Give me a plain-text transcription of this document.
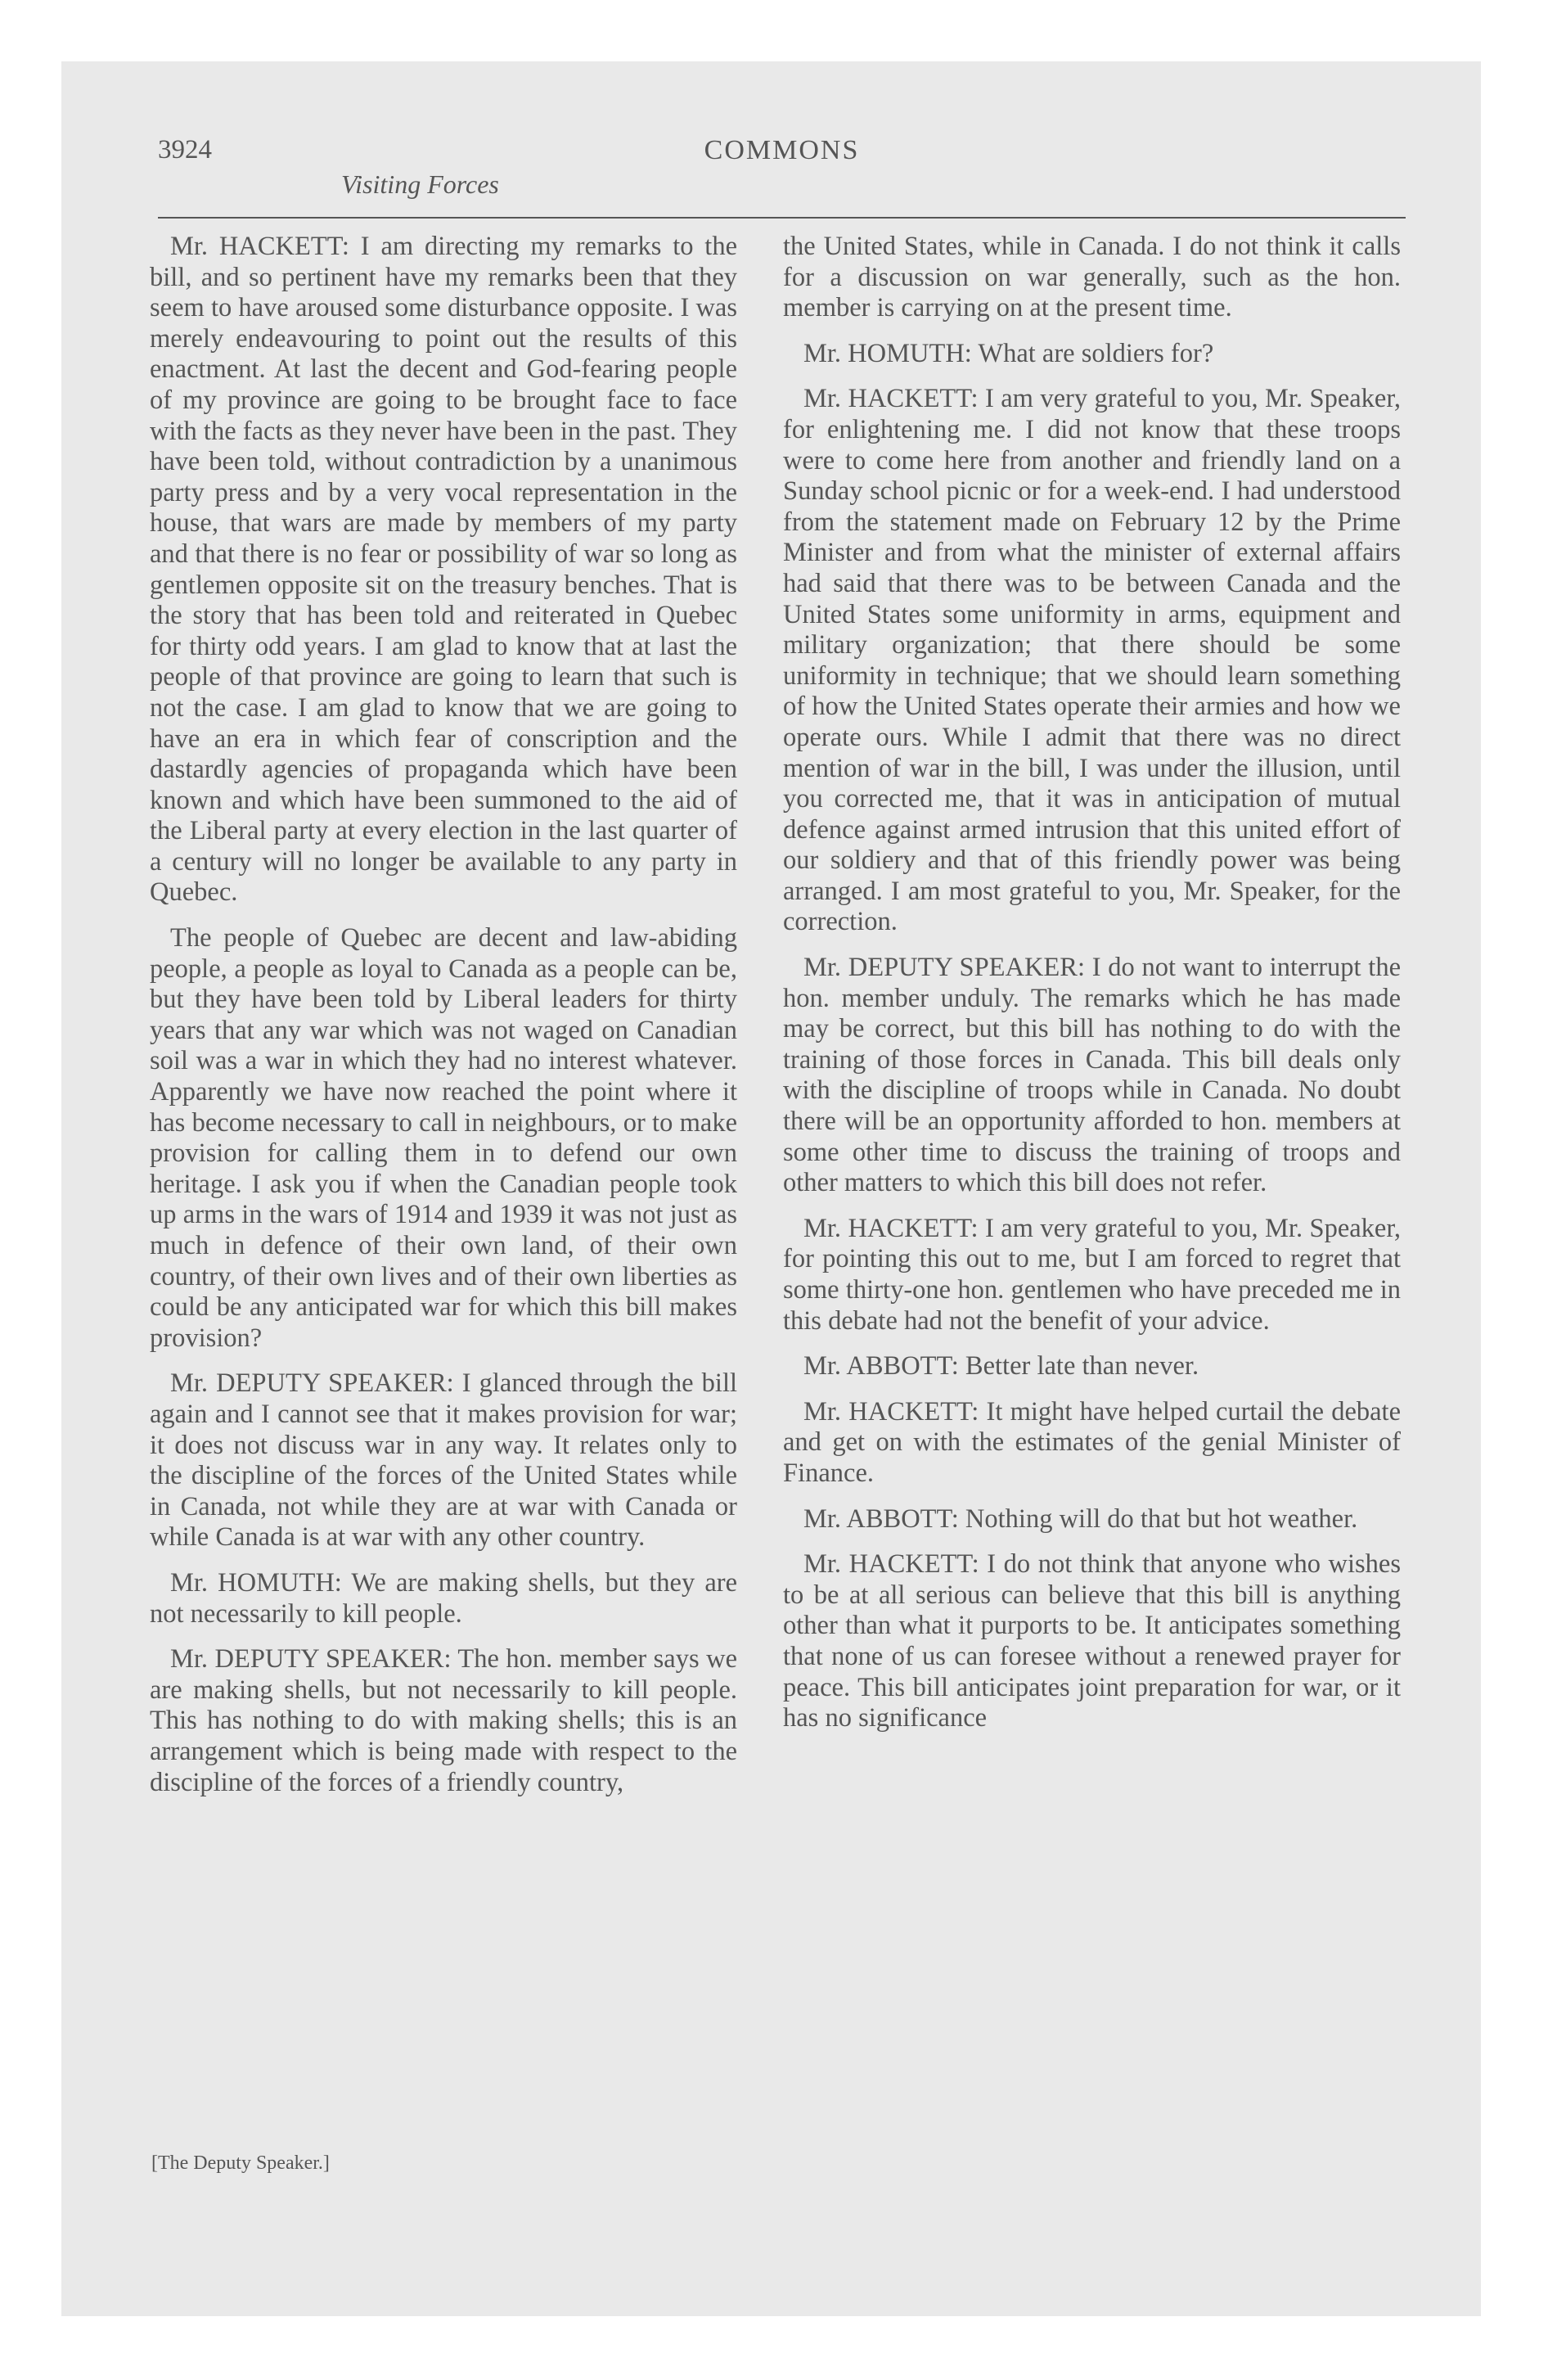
3924	COMMONS
Visiting Forces

Mr. HACKETT: I am directing my remarks to the bill, and so pertinent have my remarks been that they seem to have aroused some disturbance opposite. I was merely endeavouring to point out the results of this enactment. At last the decent and God-fearing people of my province are going to be brought face to face with the facts as they never have been in the past. They have been told, without contradiction by a unanimous party press and by a very vocal representation in the house, that wars are made by members of my party and that there is no fear or possibility of war so long as gentlemen opposite sit on the treasury benches. That is the story that has been told and reiterated in Quebec for thirty odd years. I am glad to know that at last the people of that province are going to learn that such is not the case. I am glad to know that we are going to have an era in which fear of conscription and the dastardly agencies of propaganda which have been known and which have been summoned to the aid of the Liberal party at every election in the last quarter of a century will no longer be available to any party in Quebec.

The people of Quebec are decent and law-abiding people, a people as loyal to Canada as a people can be, but they have been told by Liberal leaders for thirty years that any war which was not waged on Canadian soil was a war in which they had no interest whatever. Apparently we have now reached the point where it has become necessary to call in neighbours, or to make provision for calling them in to defend our own heritage. I ask you if when the Canadian people took up arms in the wars of 1914 and 1939 it was not just as much in defence of their own land, of their own country, of their own lives and of their own liberties as could be any anticipated war for which this bill makes provision?

Mr. DEPUTY SPEAKER: I glanced through the bill again and I cannot see that it makes provision for war; it does not discuss war in any way. It relates only to the discipline of the forces of the United States while in Canada, not while they are at war with Canada or while Canada is at war with any other country.

Mr. HOMUTH: We are making shells, but they are not necessarily to kill people.

Mr. DEPUTY SPEAKER: The hon. member says we are making shells, but not necessarily to kill people. This has nothing to do with making shells; this is an arrangement which is being made with respect to the discipline of the forces of a friendly country,

the United States, while in Canada. I do not think it calls for a discussion on war generally, such as the hon. member is carrying on at the present time.

Mr. HOMUTH: What are soldiers for?

Mr. HACKETT: I am very grateful to you, Mr. Speaker, for enlightening me. I did not know that these troops were to come here from another and friendly land on a Sunday school picnic or for a week-end. I had understood from the statement made on February 12 by the Prime Minister and from what the minister of external affairs had said that there was to be between Canada and the United States some uniformity in arms, equipment and military organization; that there should be some uniformity in technique; that we should learn something of how the United States operate their armies and how we operate ours. While I admit that there was no direct mention of war in the bill, I was under the illusion, until you corrected me, that it was in anticipation of mutual defence against armed intrusion that this united effort of our soldiery and that of this friendly power was being arranged. I am most grateful to you, Mr. Speaker, for the correction.

Mr. DEPUTY SPEAKER: I do not want to interrupt the hon. member unduly. The remarks which he has made may be correct, but this bill has nothing to do with the training of those forces in Canada. This bill deals only with the discipline of troops while in Canada. No doubt there will be an opportunity afforded to hon. members at some other time to discuss the training of troops and other matters to which this bill does not refer.

Mr. HACKETT: I am very grateful to you, Mr. Speaker, for pointing this out to me, but I am forced to regret that some thirty-one hon. gentlemen who have preceded me in this debate had not the benefit of your advice.

Mr. ABBOTT: Better late than never.

Mr. HACKETT: It might have helped curtail the debate and get on with the estimates of the genial Minister of Finance.

Mr. ABBOTT: Nothing will do that but hot weather.

Mr. HACKETT: I do not think that anyone who wishes to be at all serious can believe that this bill is anything other than what it purports to be. It anticipates something that none of us can foresee without a renewed prayer for peace. This bill anticipates joint preparation for war, or it has no significance

[The Deputy Speaker.]
